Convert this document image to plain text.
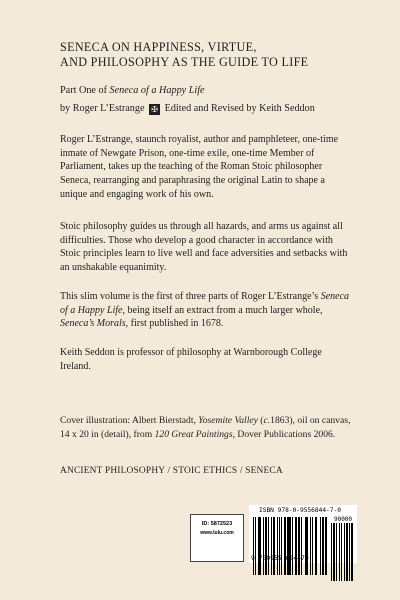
SENECA ON HAPPINESS, VIRTUE,
AND PHILOSOPHY AS THE GUIDE TO LIFE
Part One of Seneca of a Happy Life
by Roger L’Estrange ✠ Edited and Revised by Keith Seddon

Roger L’Estrange, staunch royalist, author and pamphleteer, one-time inmate of Newgate Prison, one-time exile, one-time Member of Parliament, takes up the teaching of the Roman Stoic philosopher Seneca, rearranging and paraphrasing the original Latin to shape a unique and engaging work of his own.

Stoic philosophy guides us through all hazards, and arms us against all difficulties. Those who develop a good character in accordance with Stoic principles learn to live well and face adversities and setbacks with an unshakable equanimity.

This slim volume is the first of three parts of Roger L’Estrange’s Seneca of a Happy Life, being itself an extract from a much larger whole, Seneca’s Morals, first published in 1678.

Keith Seddon is professor of philosophy at Warnborough College Ireland.

Cover illustration: Albert Bierstadt, Yosemite Valley (c.1863), oil on canvas, 14 x 20 in (detail), from 120 Great Paintings, Dover Publications 2006.

ANCIENT PHILOSOPHY / STOIC ETHICS / SENECA
ID: 5872523
www.lulu.com
ISBN 978-0-9556844-7-0
90000
9 780955 684470
